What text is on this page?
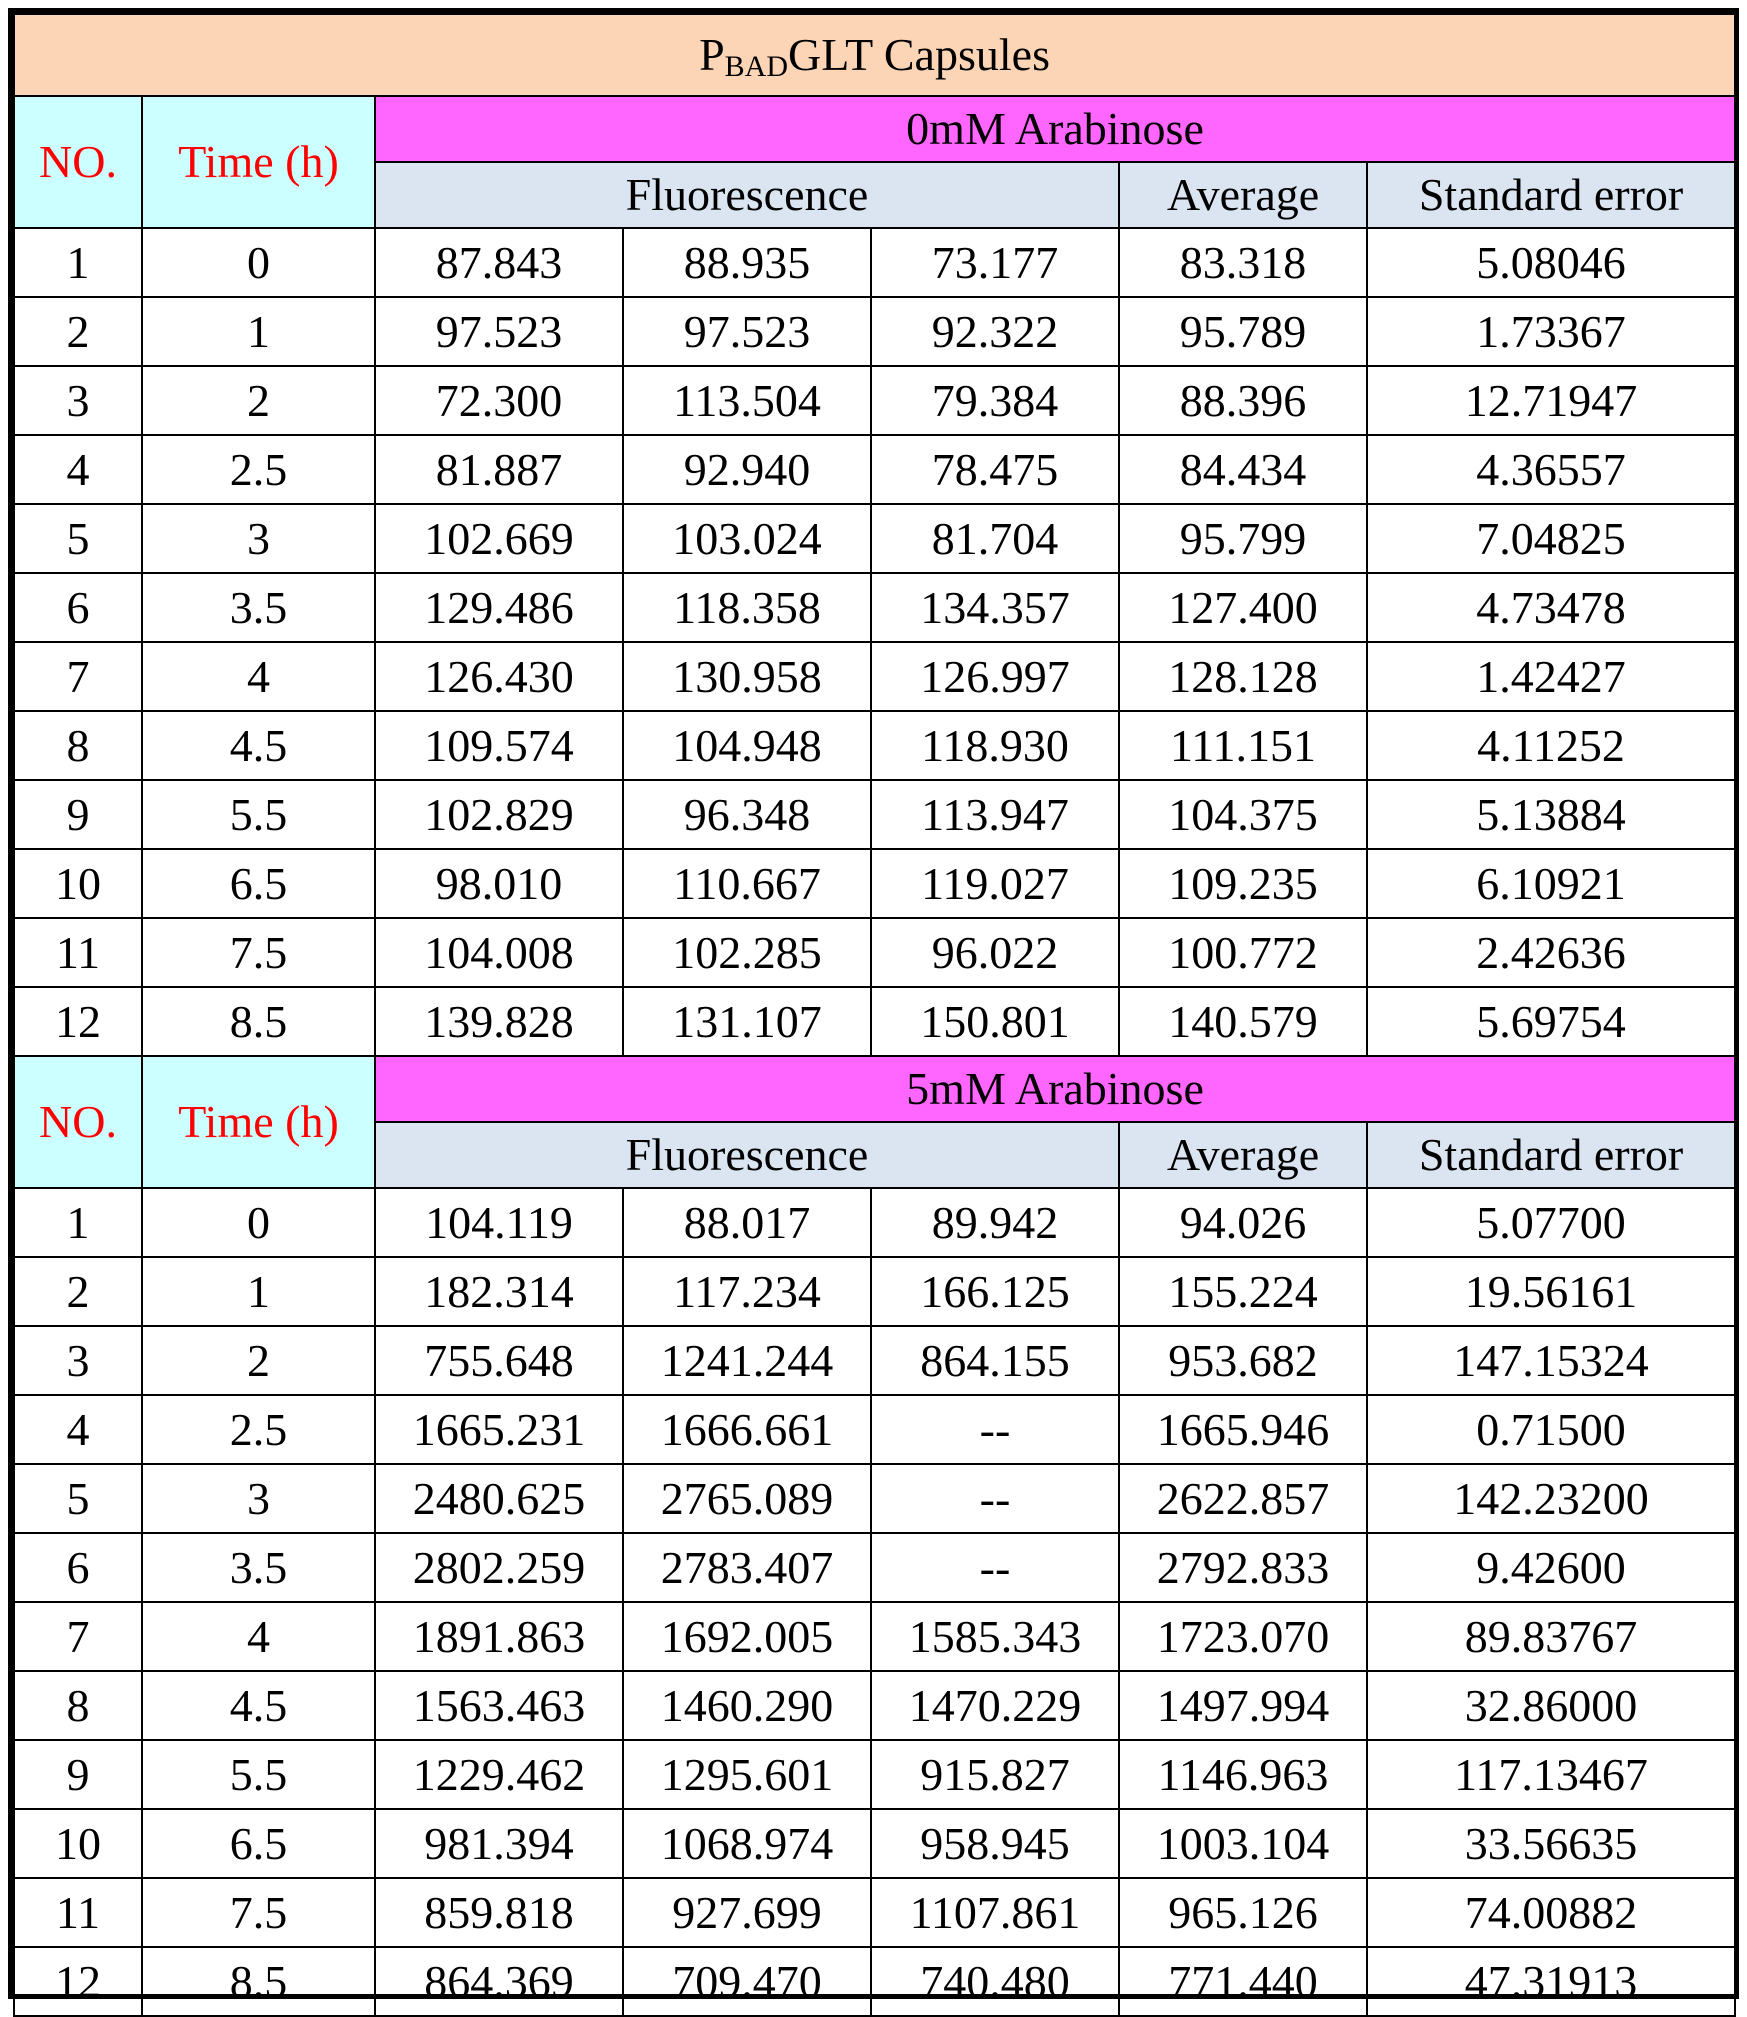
$P_{BAD}GLT$ Capsules						
NO.	Time (h)	0mM Arabinose				
		Fluorescence			Average	Standard error
1	0	87.843	88.935	73.177	83.318	5.08046
2	1	97.523	97.523	92.322	95.789	1.73367
3	2	72.300	113.504	79.384	88.396	12.71947
4	2.5	81.887	92.940	78.475	84.434	4.36557
5	3	102.669	103.024	81.704	95.799	7.04825
6	3.5	129.486	118.358	134.357	127.400	4.73478
7	4	126.430	130.958	126.997	128.128	1.42427
8	4.5	109.574	104.948	118.930	111.151	4.11252
9	5.5	102.829	96.348	113.947	104.375	5.13884
10	6.5	98.010	110.667	119.027	109.235	6.10921
11	7.5	104.008	102.285	96.022	100.772	2.42636
12	8.5	139.828	131.107	150.801	140.579	5.69754
NO.	Time (h)	5mM Arabinose				
		Fluorescence			Average	Standard error
1	0	104.119	88.017	89.942	94.026	5.07700
2	1	182.314	117.234	166.125	155.224	19.56161
3	2	755.648	1241.244	864.155	953.682	147.15324
4	2.5	1665.231	1666.661	--	1665.946	0.71500
5	3	2480.625	2765.089	--	2622.857	142.23200
6	3.5	2802.259	2783.407	--	2792.833	9.42600
7	4	1891.863	1692.005	1585.343	1723.070	89.83767
8	4.5	1563.463	1460.290	1470.229	1497.994	32.86000
9	5.5	1229.462	1295.601	915.827	1146.963	117.13467
10	6.5	981.394	1068.974	958.945	1003.104	33.56635
11	7.5	859.818	927.699	1107.861	965.126	74.00882
12	8.5	864.369	709.470	740.480	771.440	47.31913
